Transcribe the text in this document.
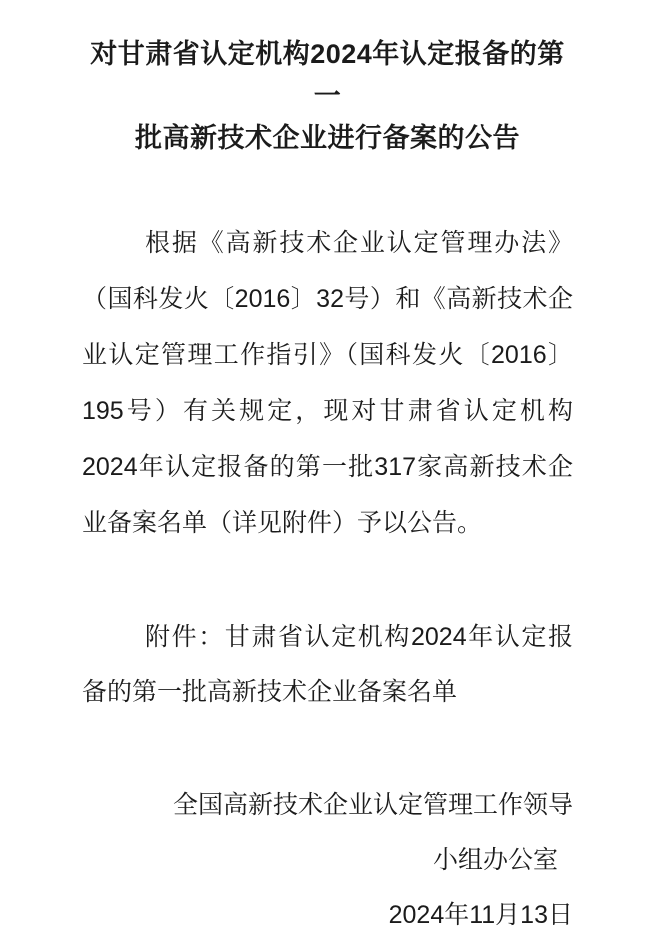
对甘肃省认定机构2024年认定报备的第一
批高新技术企业进行备案的公告
根据《高新技术企业认定管理办法》
（国科发火〔2016〕32号）和《高新技术企
业认定管理工作指引》（国科发火〔2016〕
195号）有关规定，现对甘肃省认定机构
2024年认定报备的第一批317家高新技术企
业备案名单（详见附件）予以公告。
附件：甘肃省认定机构2024年认定报
备的第一批高新技术企业备案名单
全国高新技术企业认定管理工作领导
小组办公室
2024年11月13日
